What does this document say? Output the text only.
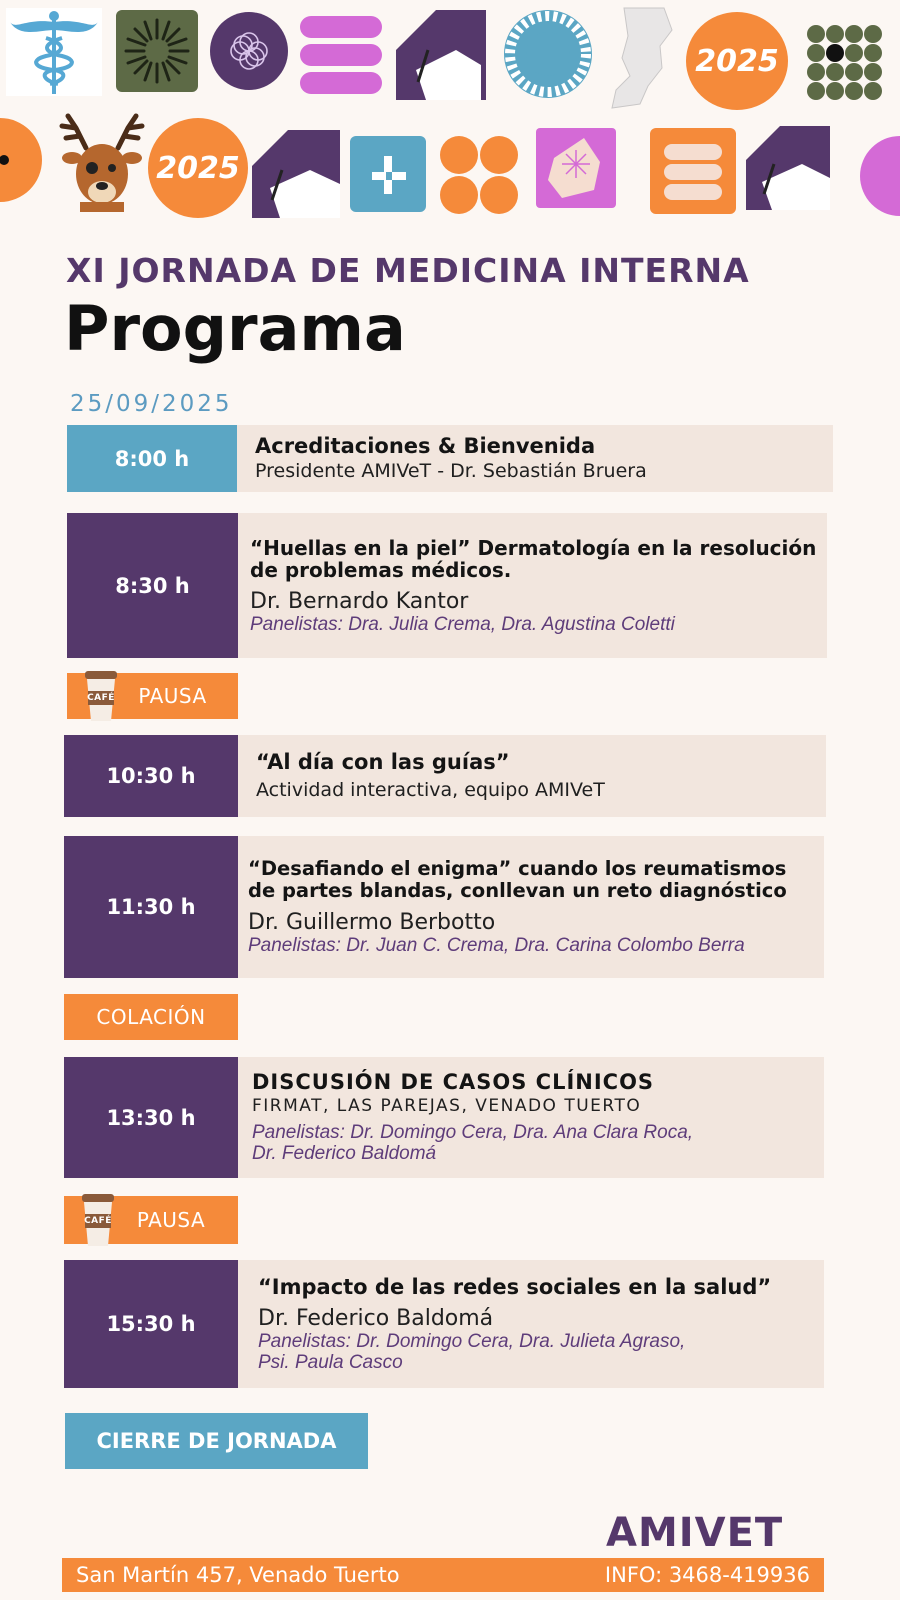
2025
2025
XI JORNADA DE MEDICINA INTERNA
Programa
25/09/2025
8:00 h
Acreditaciones & Bienvenida
Presidente AMIVeT - Dr. Sebastián Bruera
8:30 h
“Huellas en la piel” Dermatología en la resolución
de problemas médicos.
Dr. Bernardo Kantor
Panelistas: Dra. Julia Crema, Dra. Agustina Coletti
CAFÉ PAUSA
10:30 h
“Al día con las guías”
Actividad interactiva, equipo AMIVeT
11:30 h
“Desafiando el enigma” cuando los reumatismos
de partes blandas, conllevan un reto diagnóstico
Dr. Guillermo Berbotto
Panelistas: Dr. Juan C. Crema, Dra. Carina Colombo Berra
COLACIÓN
13:30 h
DISCUSIÓN DE CASOS CLÍNICOS
FIRMAT, LAS PAREJAS, VENADO TUERTO
Panelistas: Dr. Domingo Cera, Dra. Ana Clara Roca,
Dr. Federico Baldomá
CAFÉ PAUSA
15:30 h
“Impacto de las redes sociales en la salud”
Dr. Federico Baldomá
Panelistas: Dr. Domingo Cera, Dra. Julieta Agraso,
Psi. Paula Casco
CIERRE DE JORNADA
AMIVET
San Martín 457, Venado Tuerto	INFO: 3468-419936
